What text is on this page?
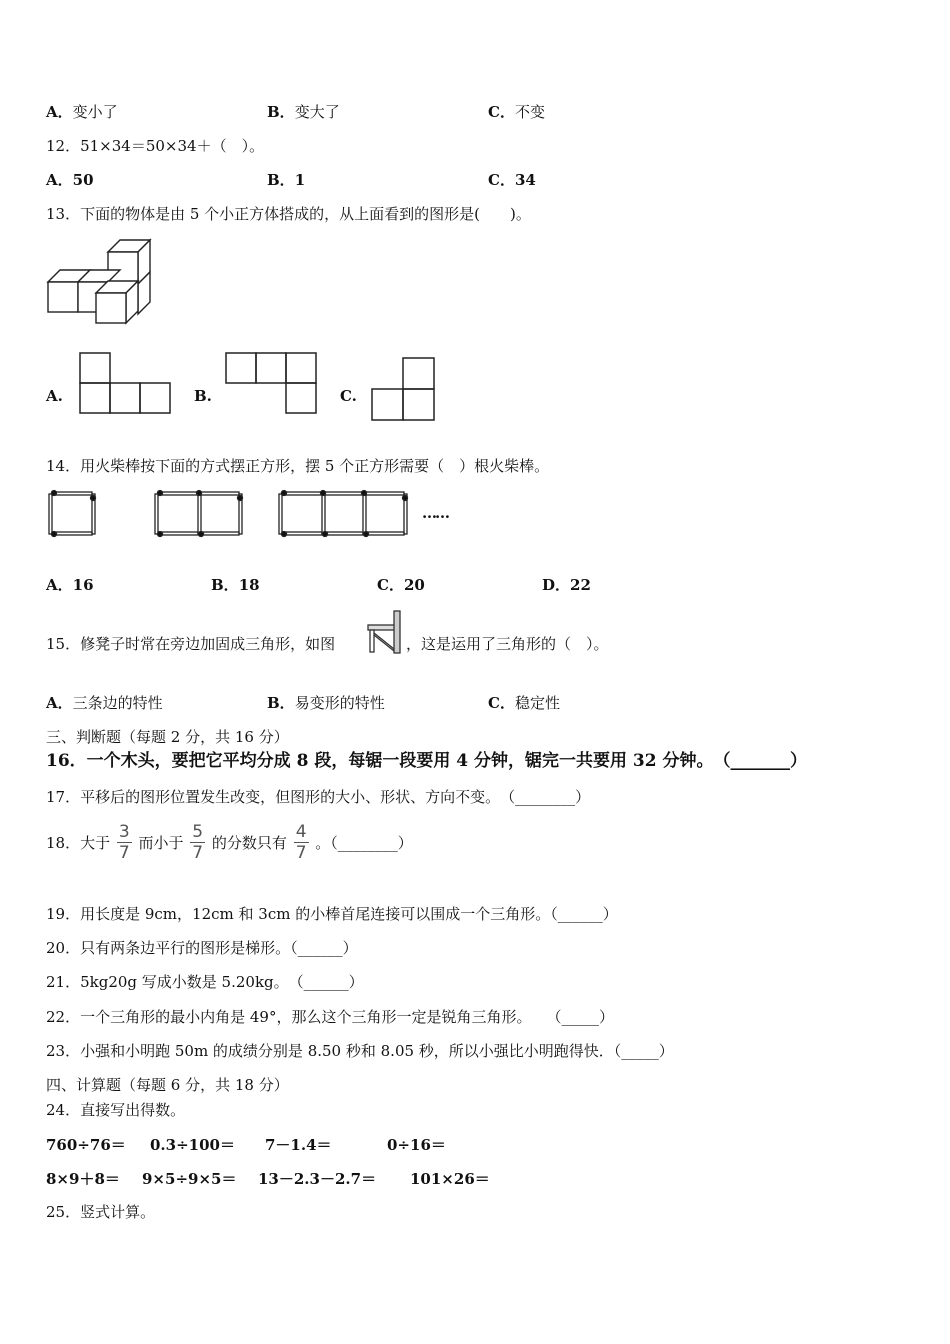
A．变小了	B．变大了	C．不变
12．51×34＝50×34＋（　）。
A．50	B．1	C．34
13．下面的物体是由 5 个小正方体搭成的，从上面看到的图形是(　　)。
A.	B.	C.
14．用火柴棒按下面的方式摆正方形，摆 5 个正方形需要（　）根火柴棒。
……
A．16	B．18	C．20	D．22
15．修凳子时常在旁边加固成三角形，如图	，这是运用了三角形的（　）。
A．三条边的特性	B．易变形的特性	C．稳定性
三、判断题（每题 2 分，共 16 分）
16．一个木头，要把它平均分成 8 段，每锯一段要用 4 分钟，锯完一共要用 32 分钟。　（_______）
17．平移后的图形位置发生改变，但图形的大小、形状、方向不变。　（________）
18．大于 $\frac{3}{7}$ 而小于 $\frac{5}{7}$ 的分数只有 $\frac{4}{7}$ 。（________）
19．用长度是 9cm，12cm 和 3cm 的小棒首尾连接可以围成一个三角形。（______）
20．只有两条边平行的图形是梯形。（______）
21．5kg20g 写成小数是 5.20kg。　（______）
22．一个三角形的最小内角是 49°，那么这个三角形一定是锐角三角形。　　（_____）
23．小强和小明跑 50m 的成绩分别是 8.50 秒和 8.05 秒，所以小强比小明跑得快．（_____）
四、计算题（每题 6 分，共 18 分）
24．直接写出得数。
760÷76＝ 0.3÷100＝ 7－1.4＝	0÷16＝
8×9＋8＝ 9×5÷9×5＝ 13－2.3－2.7＝ 101×26＝
25．竖式计算。
